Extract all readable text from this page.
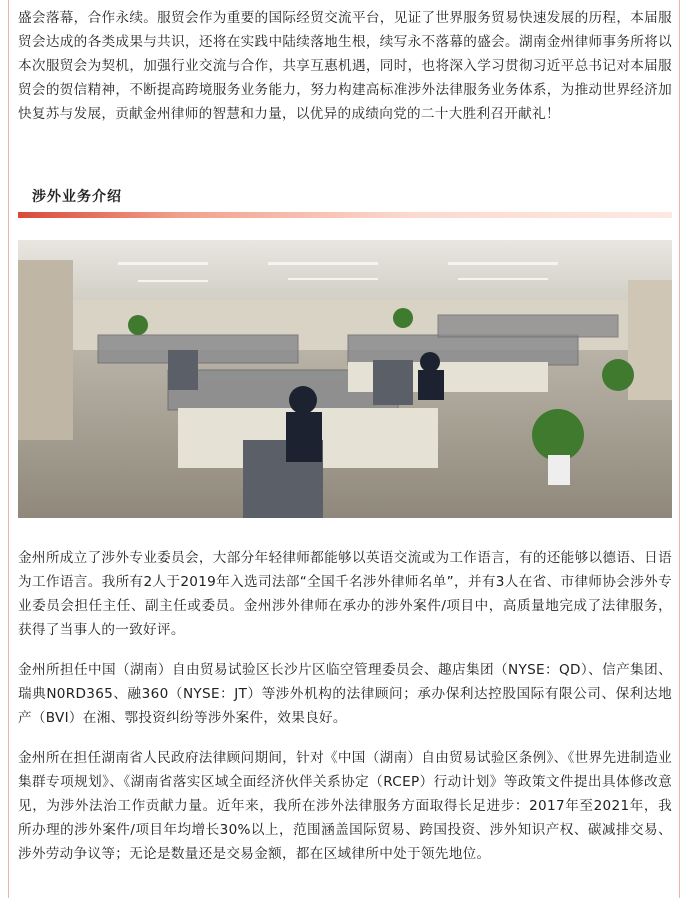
盛会落幕，合作永续。服贸会作为重要的国际经贸交流平台，见证了世界服务贸易快速发展的历程，本届服贸会达成的各类成果与共识，还将在实践中陆续落地生根，续写永不落幕的盛会。湖南金州律师事务所将以本次服贸会为契机，加强行业交流与合作，共享互惠机遇，同时，也将深入学习贯彻习近平总书记对本届服贸会的贺信精神，不断提高跨境服务业务能力，努力构建高标准涉外法律服务业务体系，为推动世界经济加快复苏与发展，贡献金州律师的智慧和力量，以优异的成绩向党的二十大胜利召开献礼！

涉外业务介绍

金州所成立了涉外专业委员会，大部分年轻律师都能够以英语交流或为工作语言，有的还能够以德语、日语为工作语言。我所有2人于2019年入选司法部“全国千名涉外律师名单”，并有3人在省、市律师协会涉外专业委员会担任主任、副主任或委员。金州涉外律师在承办的涉外案件/项目中，高质量地完成了法律服务，获得了当事人的一致好评。

金州所担任中国（湖南）自由贸易试验区长沙片区临空管理委员会、趣店集团（NYSE：QD）、信产集团、瑞典N0RD365、融360（NYSE：JT）等涉外机构的法律顾问；承办保利达控股国际有限公司、保利达地产（BVI）在湘、鄂投资纠纷等涉外案件，效果良好。

金州所在担任湖南省人民政府法律顾问期间，针对《中国（湖南）自由贸易试验区条例》、《世界先进制造业集群专项规划》、《湖南省落实区域全面经济伙伴关系协定（RCEP）行动计划》等政策文件提出具体修改意见，为涉外法治工作贡献力量。近年来，我所在涉外法律服务方面取得长足进步：2017年至2021年，我所办理的涉外案件/项目年均增长30%以上，范围涵盖国际贸易、跨国投资、涉外知识产权、碳减排交易、涉外劳动争议等；无论是数量还是交易金额，都在区域律所中处于领先地位。
